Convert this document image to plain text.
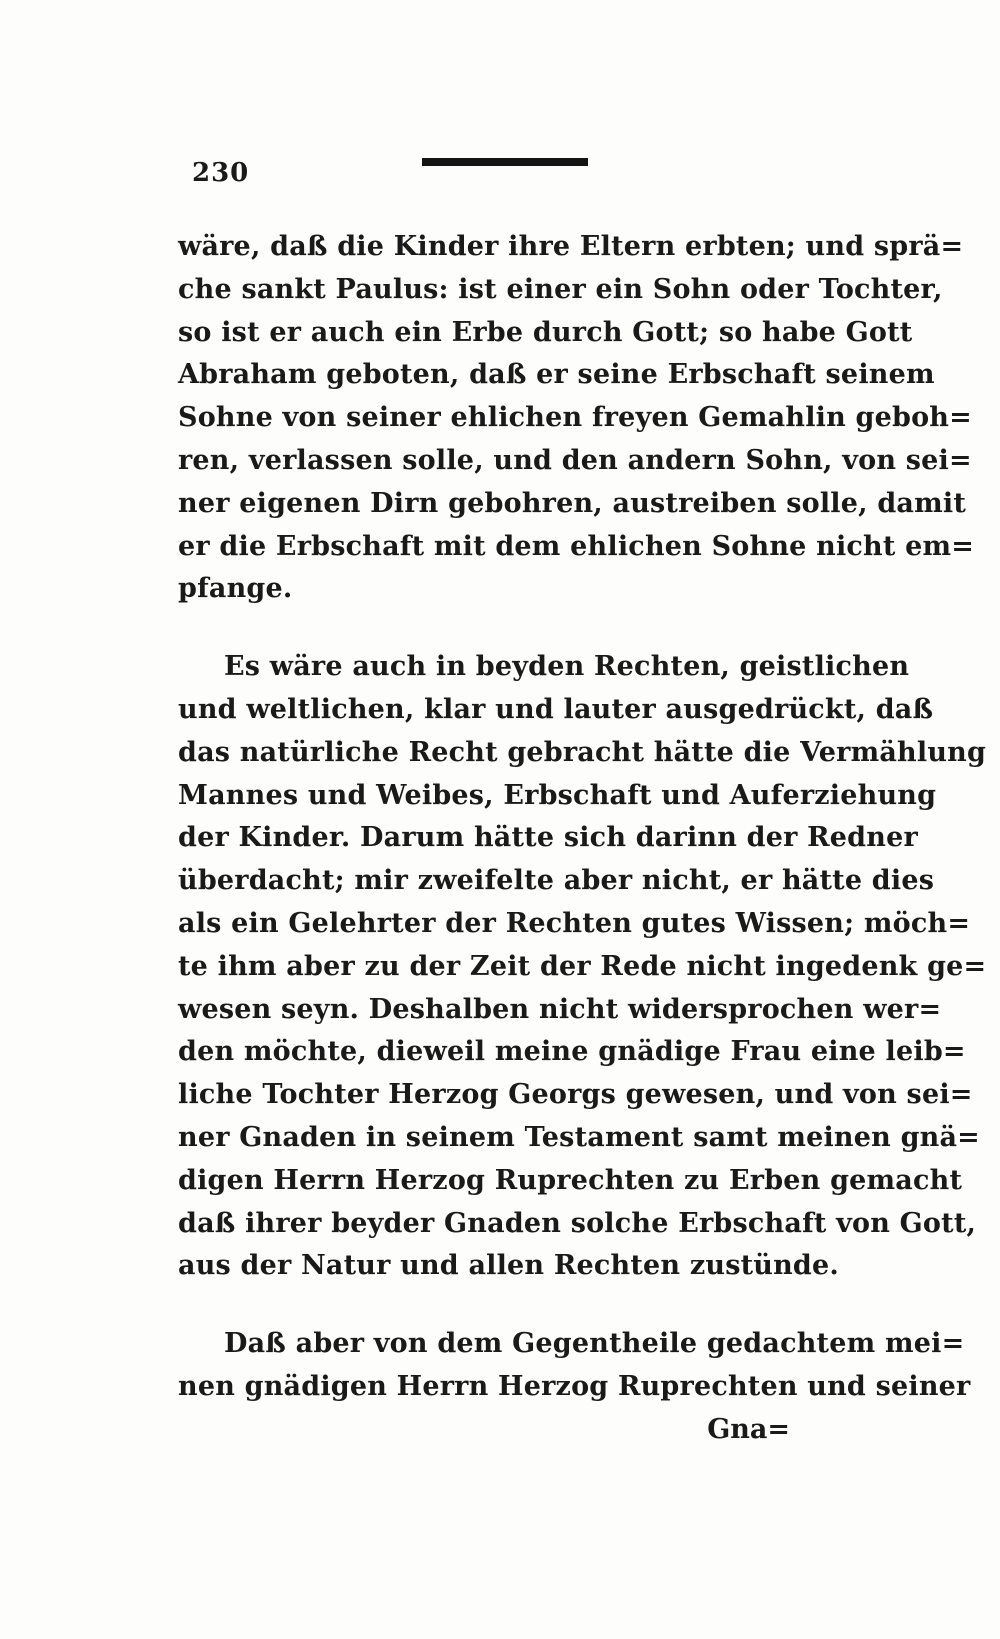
230
wäre, daß die Kinder ihre Eltern erbten; und sprä=
che sankt Paulus: ist einer ein Sohn oder Tochter,
so ist er auch ein Erbe durch Gott; so habe Gott
Abraham geboten, daß er seine Erbschaft seinem
Sohne von seiner ehlichen freyen Gemahlin geboh=
ren, verlassen solle, und den andern Sohn, von sei=
ner eigenen Dirn gebohren, austreiben solle, damit
er die Erbschaft mit dem ehlichen Sohne nicht em=
pfange.
Es wäre auch in beyden Rechten, geistlichen
und weltlichen, klar und lauter ausgedrückt, daß
das natürliche Recht gebracht hätte die Vermählung
Mannes und Weibes, Erbschaft und Auferziehung
der Kinder. Darum hätte sich darinn der Redner
überdacht; mir zweifelte aber nicht, er hätte dies
als ein Gelehrter der Rechten gutes Wissen; möch=
te ihm aber zu der Zeit der Rede nicht ingedenk ge=
wesen seyn. Deshalben nicht widersprochen wer=
den möchte, dieweil meine gnädige Frau eine leib=
liche Tochter Herzog Georgs gewesen, und von sei=
ner Gnaden in seinem Testament samt meinen gnä=
digen Herrn Herzog Ruprechten zu Erben gemacht
daß ihrer beyder Gnaden solche Erbschaft von Gott,
aus der Natur und allen Rechten zustünde.
Daß aber von dem Gegentheile gedachtem mei=
nen gnädigen Herrn Herzog Ruprechten und seiner
Gna=
